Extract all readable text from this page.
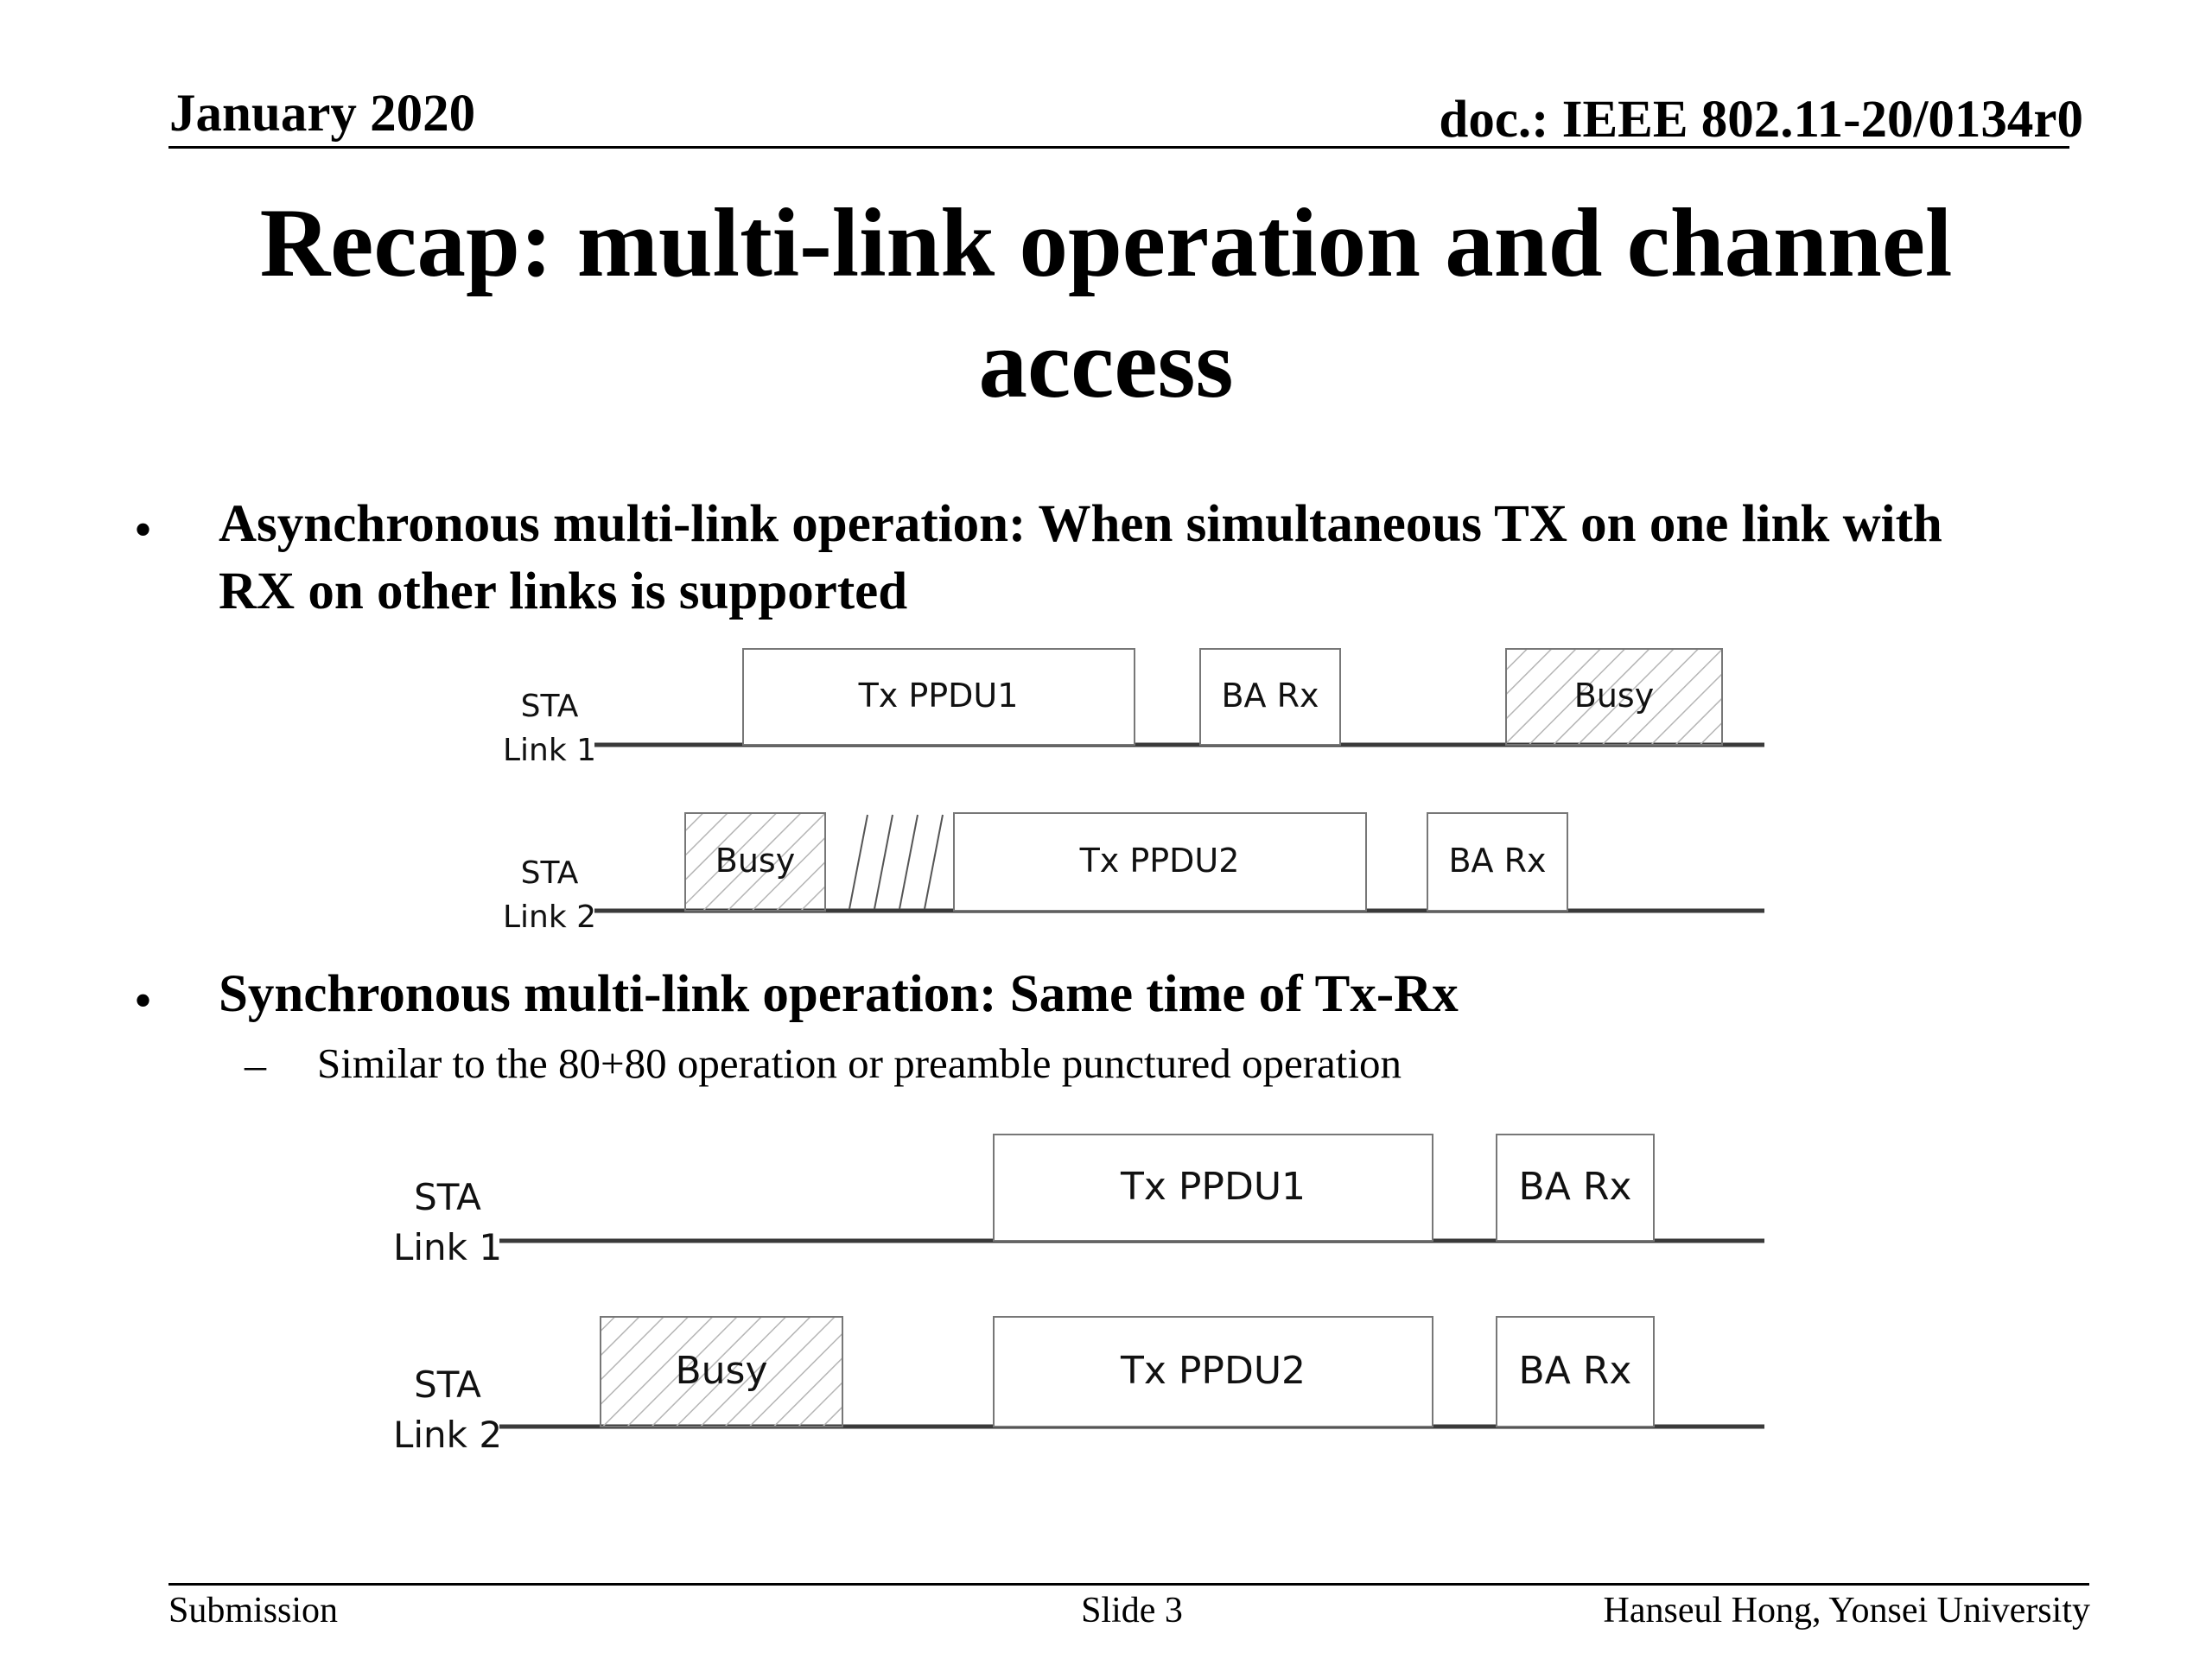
January 2020	doc.: IEEE 802.11-20/0134r0
Recap: multi-link operation and channel
access
• Asynchronous multi-link operation: When simultaneous TX on one link with
RX on other links is supported
• Synchronous multi-link operation: Same time of Tx-Rx
– Similar to the 80+80 operation or preamble punctured operation
STA
Link 1
Tx PPDU1	BA Rx	Busy
STA
Link 2
Busy	Tx PPDU2	BA Rx
STA
Link 1
Tx PPDU1	BA Rx
STA
Link 2
Busy	Tx PPDU2	BA Rx
Submission	Slide 3	Hanseul Hong, Yonsei University
